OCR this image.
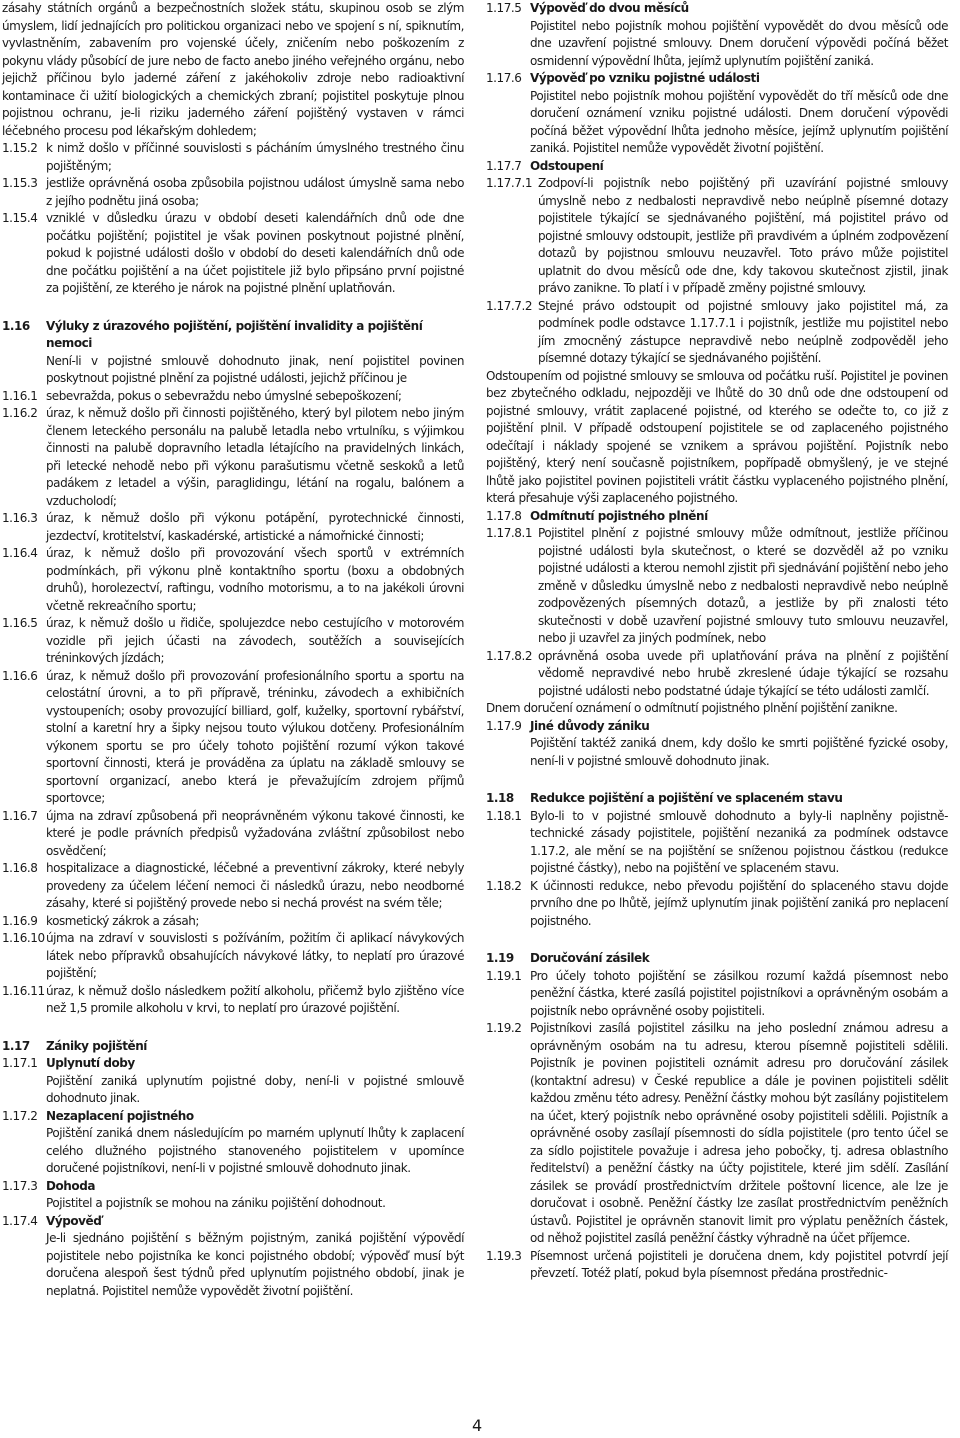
zásahy státních orgánů a bezpečnostních složek státu, skupinou osob se zlým úmyslem, lidí jednajících pro politickou organizaci nebo ve spojení s ní, spiknutím, vyvlastněním, zabavením pro vojenské účely, zničením nebo poškozením z pokynu vlády působící de jure nebo de facto anebo jiného veřejného orgánu, nebo jejichž příčinou bylo jaderné záření z jakéhokoliv zdroje nebo radioaktivní kontaminace či užití biologických a chemických zbraní; pojistitel poskytuje plnou pojistnou ochranu, je-li riziku jaderného záření pojištěný vystaven v rámci léčebného procesu pod lékařským dohledem;

1.15.2 k nimž došlo v příčinné souvislosti s pácháním úmyslného trestného činu pojištěným;
1.15.3 jestliže oprávněná osoba způsobila pojistnou událost úmyslně sama nebo z jejího podnětu jiná osoba;
1.15.4 vzniklé v důsledku úrazu v období deseti kalendářních dnů ode dne počátku pojištění; pojistitel je však povinen poskytnout pojistné plnění, pokud k pojistné události došlo v období do deseti kalendářních dnů ode dne počátku pojištění a na účet pojistitele již bylo připsáno první pojistné za pojištění, ze kterého je nárok na pojistné plnění uplatňován.
1.16	Výluky z úrazového pojištění, pojištění invalidity a pojištění nemoci

Není-li v pojistné smlouvě dohodnuto jinak, není pojistitel povinen poskytnout pojistné plnění za pojistné události, jejichž příčinou je

1.16.1 sebevražda, pokus o sebevraždu nebo úmyslné sebepoškození;
1.16.2 úraz, k němuž došlo při činnosti pojištěného, který byl pilotem nebo jiným členem leteckého personálu na palubě letadla nebo vrtulníku, s výjimkou činnosti na palubě dopravního letadla létajícího na pravidelných linkách, při letecké nehodě nebo při výkonu parašutismu včetně seskoků a letů padákem z letadel a výšin, paraglidingu, létání na rogalu, balónem a vzducholodí;
1.16.3 úraz, k němuž došlo při výkonu potápění, pyrotechnické činnosti, jezdectví, krotitelství, kaskadérské, artistické a námořnické činnosti;
1.16.4 úraz, k němuž došlo při provozování všech sportů v extrémních podmínkách, při výkonu plně kontaktního sportu (boxu a obdobných druhů), horolezectví, raftingu, vodního motorismu, a to na jakékoli úrovni včetně rekreačního sportu;
1.16.5 úraz, k němuž došlo u řidiče, spolujezdce nebo cestujícího v motorovém vozidle při jejich účasti na závodech, soutěžích a souvisejících tréninkových jízdách;
1.16.6 úraz, k němuž došlo při provozování profesionálního sportu a sportu na celostátní úrovni, a to při přípravě, tréninku, závodech a exhibičních vystoupeních; osoby provozující billiard, golf, kuželky, sportovní rybářství, stolní a karetní hry a šipky nejsou touto výlukou dotčeny. Profesionálním výkonem sportu se pro účely tohoto pojištění rozumí výkon takové sportovní činnosti, která je prováděna za úplatu na základě smlouvy se sportovní organizací, anebo která je převažujícím zdrojem příjmů sportovce;
1.16.7 újma na zdraví způsobená při neoprávněném výkonu takové činnosti, ke které je podle právních předpisů vyžadována zvláštní způsobilost nebo osvědčení;
1.16.8 hospitalizace a diagnostické, léčebné a preventivní zákroky, které nebyly provedeny za účelem léčení nemoci či následků úrazu, nebo neodborné zásahy, které si pojištěný provede nebo si nechá provést na svém těle;
1.16.9 kosmetický zákrok a zásah;
1.16.10 újma na zdraví v souvislosti s požíváním, požitím či aplikací návykových látek nebo přípravků obsahujících návykové látky, to neplatí pro úrazové pojištění;
1.16.11 úraz, k němuž došlo následkem požití alkoholu, přičemž bylo zjištěno více než 1,5 promile alkoholu v krvi, to neplatí pro úrazové pojištění.
1.17	Zániky pojištění
1.17.1 Uplynutí doby
Pojištění zaniká uplynutím pojistné doby, není-li v pojistné smlouvě dohodnuto jinak.
1.17.2 Nezaplacení pojistného
Pojištění zaniká dnem následujícím po marném uplynutí lhůty k zaplacení celého dlužného pojistného stanoveného pojistitelem v upomínce doručené pojistníkovi, není-li v pojistné smlouvě dohodnuto jinak.
1.17.3 Dohoda
Pojistitel a pojistník se mohou na zániku pojištění dohodnout.
1.17.4 Výpověď
Je-li sjednáno pojištění s běžným pojistným, zaniká pojištění výpovědí pojistitele nebo pojistníka ke konci pojistného období; výpověď musí být doručena alespoň šest týdnů před uplynutím pojistného období, jinak je neplatná. Pojistitel nemůže vypovědět životní pojištění.
1.17.5 Výpověď do dvou měsíců
Pojistitel nebo pojistník mohou pojištění vypovědět do dvou měsíců ode dne uzavření pojistné smlouvy. Dnem doručení výpovědi počíná běžet osmidenní výpovědní lhůta, jejímž uplynutím pojištění zaniká.
1.17.6 Výpověď po vzniku pojistné události
Pojistitel nebo pojistník mohou pojištění vypovědět do tří měsíců ode dne doručení oznámení vzniku pojistné události. Dnem doručení výpovědi počíná běžet výpovědní lhůta jednoho měsíce, jejímž uplynutím pojištění zaniká. Pojistitel nemůže vypovědět životní pojištění.
1.17.7 Odstoupení
1.17.7.1 Zodpoví-li pojistník nebo pojištěný při uzavírání pojistné smlouvy úmyslně nebo z nedbalosti nepravdivě nebo neúplně písemné dotazy pojistitele týkající se sjednávaného pojištění, má pojistitel právo od pojistné smlouvy odstoupit, jestliže při pravdivém a úplném zodpovězení dotazů by pojistnou smlouvu neuzavřel. Toto právo může pojistitel uplatnit do dvou měsíců ode dne, kdy takovou skutečnost zjistil, jinak právo zanikne. To platí i v případě změny pojistné smlouvy.
1.17.7.2 Stejné právo odstoupit od pojistné smlouvy jako pojistitel má, za podmínek podle odstavce 1.17.7.1 i pojistník, jestliže mu pojistitel nebo jím zmocněný zástupce nepravdivě nebo neúplně zodpověděl jeho písemné dotazy týkající se sjednávaného pojištění.

Odstoupením od pojistné smlouvy se smlouva od počátku ruší. Pojistitel je povinen bez zbytečného odkladu, nejpozději ve lhůtě do 30 dnů ode dne odstoupení od pojistné smlouvy, vrátit zaplacené pojistné, od kterého se odečte to, co již z pojištění plnil. V případě odstoupení pojistitele se od zaplaceného pojistného odečítají i náklady spojené se vznikem a správou pojištění. Pojistník nebo pojištěný, který není současně pojistníkem, popřípadě obmyšlený, je ve stejné lhůtě jako pojistitel povinen pojistiteli vrátit částku vyplaceného pojistného plnění, která přesahuje výši zaplaceného pojistného.

1.17.8 Odmítnutí pojistného plnění
1.17.8.1 Pojistitel plnění z pojistné smlouvy může odmítnout, jestliže příčinou pojistné události byla skutečnost, o které se dozvěděl až po vzniku pojistné události a kterou nemohl zjistit při sjednávání pojištění nebo jeho změně v důsledku úmyslně nebo z nedbalosti nepravdivě nebo neúplně zodpovězených písemných dotazů, a jestliže by při znalosti této skutečnosti v době uzavření pojistné smlouvy tuto smlouvu neuzavřel, nebo ji uzavřel za jiných podmínek, nebo
1.17.8.2 oprávněná osoba uvede při uplatňování práva na plnění z pojištění vědomě nepravdivé nebo hrubě zkreslené údaje týkající se rozsahu pojistné události nebo podstatné údaje týkající se této události zamlčí.

Dnem doručení oznámení o odmítnutí pojistného plnění pojištění zanikne.

1.17.9 Jiné důvody zániku
Pojištění taktéž zaniká dnem, kdy došlo ke smrti pojištěné fyzické osoby, není-li v pojistné smlouvě dohodnuto jinak.
1.18	Redukce pojištění a pojištění ve splaceném stavu
1.18.1 Bylo-li to v pojistné smlouvě dohodnuto a byly-li naplněny pojistně-technické zásady pojistitele, pojištění nezaniká za podmínek odstavce 1.17.2, ale mění se na pojištění se sníženou pojistnou částkou (redukce pojistné částky), nebo na pojištění ve splaceném stavu.
1.18.2 K účinnosti redukce, nebo převodu pojištění do splaceného stavu dojde prvního dne po lhůtě, jejímž uplynutím jinak pojištění zaniká pro neplacení pojistného.
1.19	Doručování zásilek
1.19.1 Pro účely tohoto pojištění se zásilkou rozumí každá písemnost nebo peněžní částka, které zasílá pojistitel pojistníkovi a oprávněným osobám a pojistník nebo oprávněné osoby pojistiteli.
1.19.2 Pojistníkovi zasílá pojistitel zásilku na jeho poslední známou adresu a oprávněným osobám na tu adresu, kterou písemně pojistiteli sdělili. Pojistník je povinen pojistiteli oznámit adresu pro doručování zásilek (kontaktní adresu) v České republice a dále je povinen pojistiteli sdělit každou změnu této adresy. Peněžní částky mohou být zasílány pojistitelem na účet, který pojistník nebo oprávněné osoby pojistiteli sdělili. Pojistník a oprávněné osoby zasílají písemnosti do sídla pojistitele (pro tento účel se za sídlo pojistitele považuje i adresa jeho pobočky, tj. adresa oblastního ředitelství) a peněžní částky na účty pojistitele, které jim sdělí. Zasílání zásilek se provádí prostřednictvím držitele poštovní licence, ale lze je doručovat i osobně. Peněžní částky lze zasílat prostřednictvím peněžních ústavů. Pojistitel je oprávněn stanovit limit pro výplatu peněžních částek, od něhož pojistitel zasílá peněžní částky výhradně na účet příjemce.
1.19.3 Písemnost určená pojistiteli je doručena dnem, kdy pojistitel potvrdí její převzetí. Totéž platí, pokud byla písemnost předána prostřednic-
4
